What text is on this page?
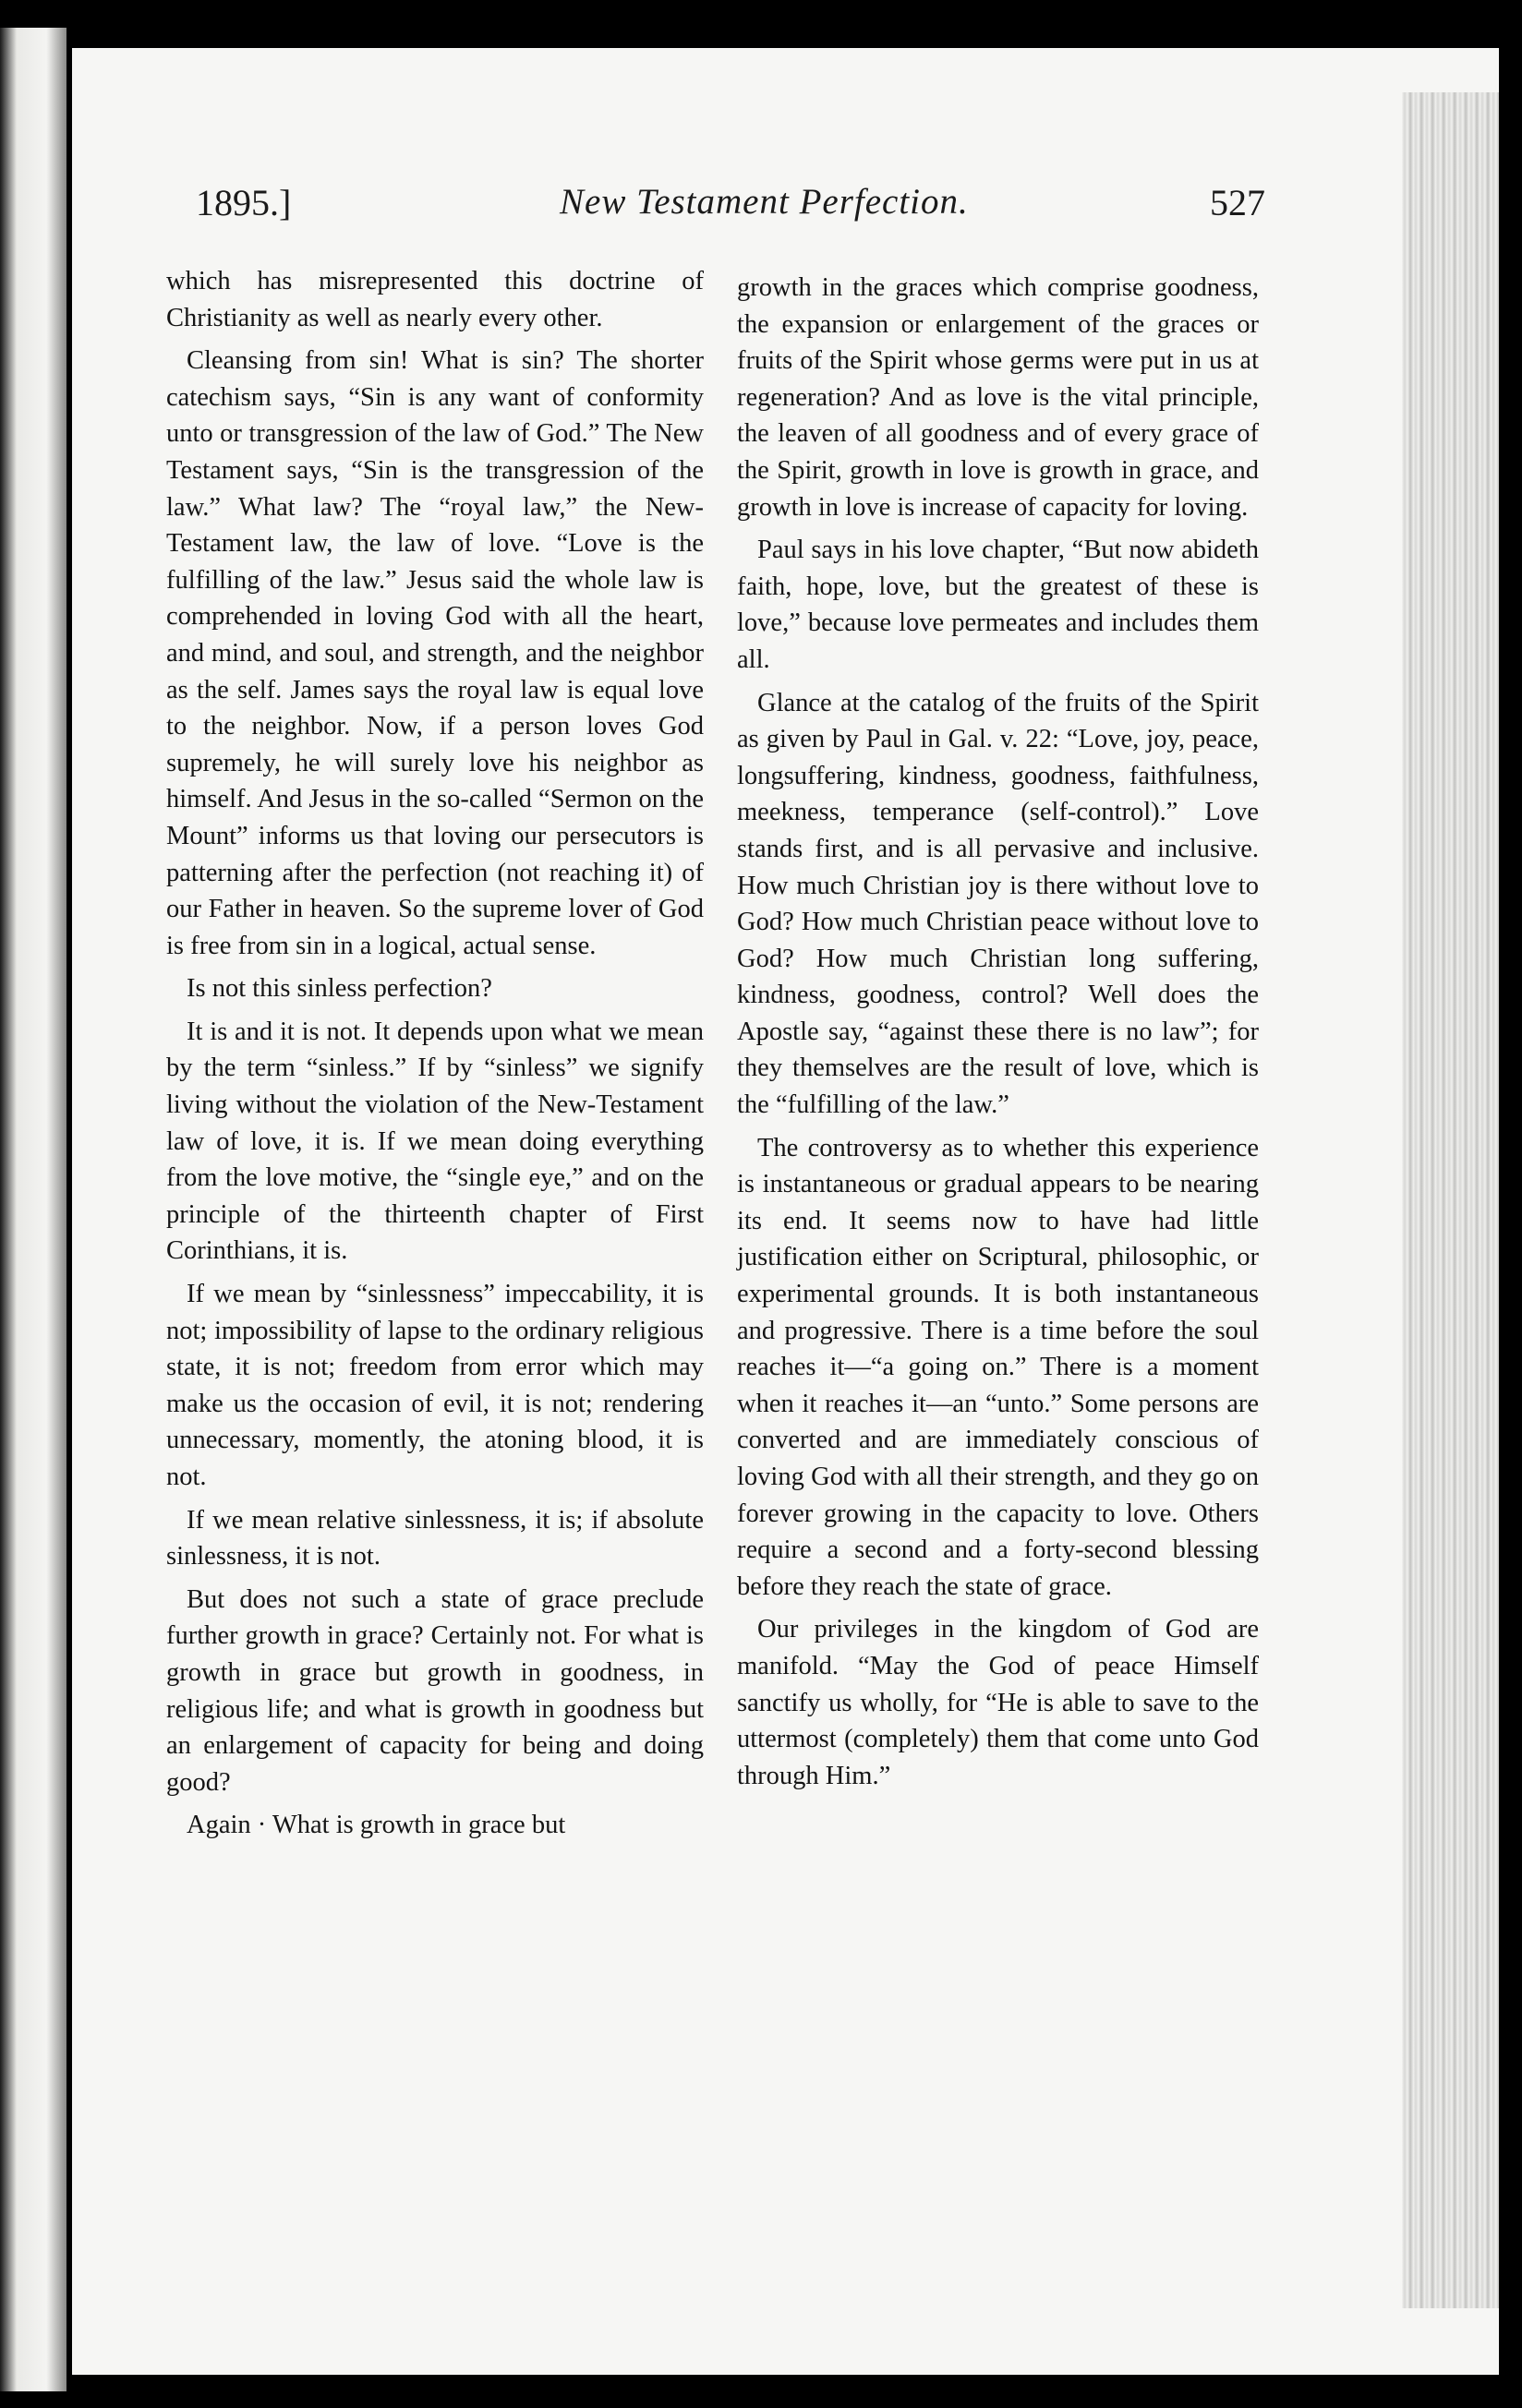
1895.]	New Testament Perfection.	527

which has misrepresented this doctrine of Christianity as well as nearly every other.

Cleansing from sin! What is sin? The shorter catechism says, “Sin is any want of conformity unto or transgression of the law of God.” The New Testament says, “Sin is the transgression of the law.” What law? The “royal law,” the New-Testament law, the law of love. “Love is the fulfilling of the law.” Jesus said the whole law is comprehended in loving God with all the heart, and mind, and soul, and strength, and the neighbor as the self. James says the royal law is equal love to the neighbor. Now, if a person loves God supremely, he will surely love his neighbor as himself. And Jesus in the so-called “Sermon on the Mount” informs us that loving our persecutors is patterning after the perfection (not reaching it) of our Father in heaven. So the supreme lover of God is free from sin in a logical, actual sense.

Is not this sinless perfection?

It is and it is not. It depends upon what we mean by the term “sinless.” If by “sinless” we signify living without the violation of the New-Testament law of love, it is. If we mean doing everything from the love motive, the “single eye,” and on the principle of the thirteenth chapter of First Corinthians, it is.

If we mean by “sinlessness” impeccability, it is not; impossibility of lapse to the ordinary religious state, it is not; freedom from error which may make us the occasion of evil, it is not; rendering unnecessary, momently, the atoning blood, it is not.

If we mean relative sinlessness, it is; if absolute sinlessness, it is not.

But does not such a state of grace preclude further growth in grace? Certainly not. For what is growth in grace but growth in goodness, in religious life; and what is growth in goodness but an enlargement of capacity for being and doing good?

Again · What is growth in grace but

growth in the graces which comprise goodness, the expansion or enlargement of the graces or fruits of the Spirit whose germs were put in us at regeneration? And as love is the vital principle, the leaven of all goodness and of every grace of the Spirit, growth in love is growth in grace, and growth in love is increase of capacity for loving.

Paul says in his love chapter, “But now abideth faith, hope, love, but the greatest of these is love,” because love permeates and includes them all.

Glance at the catalog of the fruits of the Spirit as given by Paul in Gal. v. 22: “Love, joy, peace, longsuffering, kindness, goodness, faithfulness, meekness, temperance (self-control).” Love stands first, and is all pervasive and inclusive. How much Christian joy is there without love to God? How much Christian peace without love to God? How much Christian long suffering, kindness, goodness, control? Well does the Apostle say, “against these there is no law”; for they themselves are the result of love, which is the “fulfilling of the law.”

The controversy as to whether this experience is instantaneous or gradual appears to be nearing its end. It seems now to have had little justification either on Scriptural, philosophic, or experimental grounds. It is both instantaneous and progressive. There is a time before the soul reaches it—“a going on.” There is a moment when it reaches it—an “unto.” Some persons are converted and are immediately conscious of loving God with all their strength, and they go on forever growing in the capacity to love. Others require a second and a forty-second blessing before they reach the state of grace.

Our privileges in the kingdom of God are manifold. “May the God of peace Himself sanctify us wholly, for “He is able to save to the uttermost (completely) them that come unto God through Him.”
